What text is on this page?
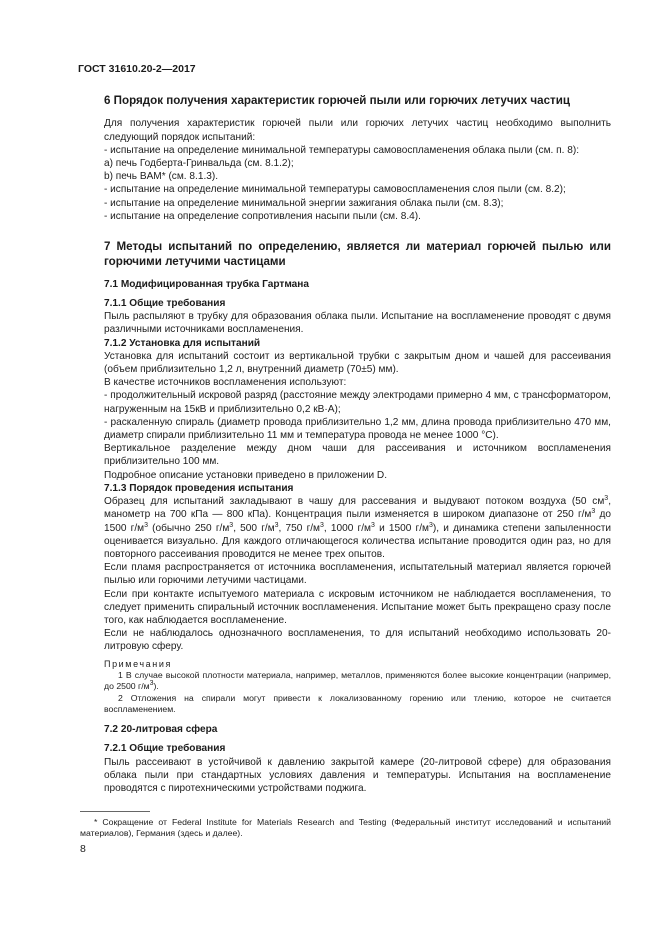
ГОСТ 31610.20-2—2017
6 Порядок получения характеристик горючей пыли или горючих летучих частиц

Для получения характеристик горючей пыли или горючих летучих частиц необходимо выполнить следующий порядок испытаний:

- испытание на определение минимальной температуры самовоспламенения облака пыли (см. п. 8):

а) печь Годберта-Гринвальда (см. 8.1.2);

b) печь BAM* (см. 8.1.3).

- испытание на определение минимальной температуры самовоспламенения слоя пыли (см. 8.2);

- испытание на определение минимальной энергии зажигания облака пыли (см. 8.3);

- испытание на определение сопротивления насыпи пыли (см. 8.4).

7 Методы испытаний по определению, является ли материал горючей пылью или горючими летучими частицами

7.1 Модифицированная трубка Гартмана

7.1.1 Общие требования

Пыль распыляют в трубку для образования облака пыли. Испытание на воспламенение проводят с двумя различными источниками воспламенения.

7.1.2 Установка для испытаний

Установка для испытаний состоит из вертикальной трубки с закрытым дном и чашей для рассеивания (объем приблизительно 1,2 л, внутренний диаметр (70±5) мм).

В качестве источников воспламенения используют:

- продолжительный искровой разряд (расстояние между электродами примерно 4 мм, с трансформатором, нагруженным на 15кВ и приблизительно 0,2 кВ·А);

- раскаленную спираль (диаметр провода приблизительно 1,2 мм, длина провода приблизительно 470 мм, диаметр спирали приблизительно 11 мм и температура провода не менее 1000 °С).

Вертикальное разделение между дном чаши для рассеивания и источником воспламенения приблизительно 100 мм.

Подробное описание установки приведено в приложении D.

7.1.3 Порядок проведения испытания

Образец для испытаний закладывают в чашу для рассевания и выдувают потоком воздуха (50 $см^3$, манометр на 700 кПа — 800 кПа). Концентрация пыли изменяется в широком диапазоне от 250 $г/м^3$ до 1500 $г/м^3$ (обычно 250 $г/м^3$, 500 $г/м^3$, 750 $г/м^3$, 1000 $г/м^3$ и 1500 $г/м^3$), и динамика степени запыленности оценивается визуально. Для каждого отличающегося количества испытание проводится один раз, но для повторного рассеивания проводится не менее трех опытов.

Если пламя распространяется от источника воспламенения, испытательный материал является горючей пылью или горючими летучими частицами.

Если при контакте испытуемого материала с искровым источником не наблюдается воспламенения, то следует применить спиральный источник воспламенения. Испытание может быть прекращено сразу после того, как наблюдается воспламенение.

Если не наблюдалось однозначного воспламенения, то для испытаний необходимо использовать 20-литровую сферу.

Примечания

1 В случае высокой плотности материала, например, металлов, применяются более высокие концентрации (например, до 2500 $г/м^3$).

2 Отложения на спирали могут привести к локализованному горению или тлению, которое не считается воспламенением.

7.2 20-литровая сфера

7.2.1 Общие требования

Пыль рассеивают в устойчивой к давлению закрытой камере (20-литровой сфере) для образования облака пыли при стандартных условиях давления и температуры. Испытания на воспламенение проводятся с пиротехническими устройствами поджига.

* Сокращение от Federal Institute for Materials Research and Testing (Федеральный институт исследований и испытаний материалов), Германия (здесь и далее).
8
